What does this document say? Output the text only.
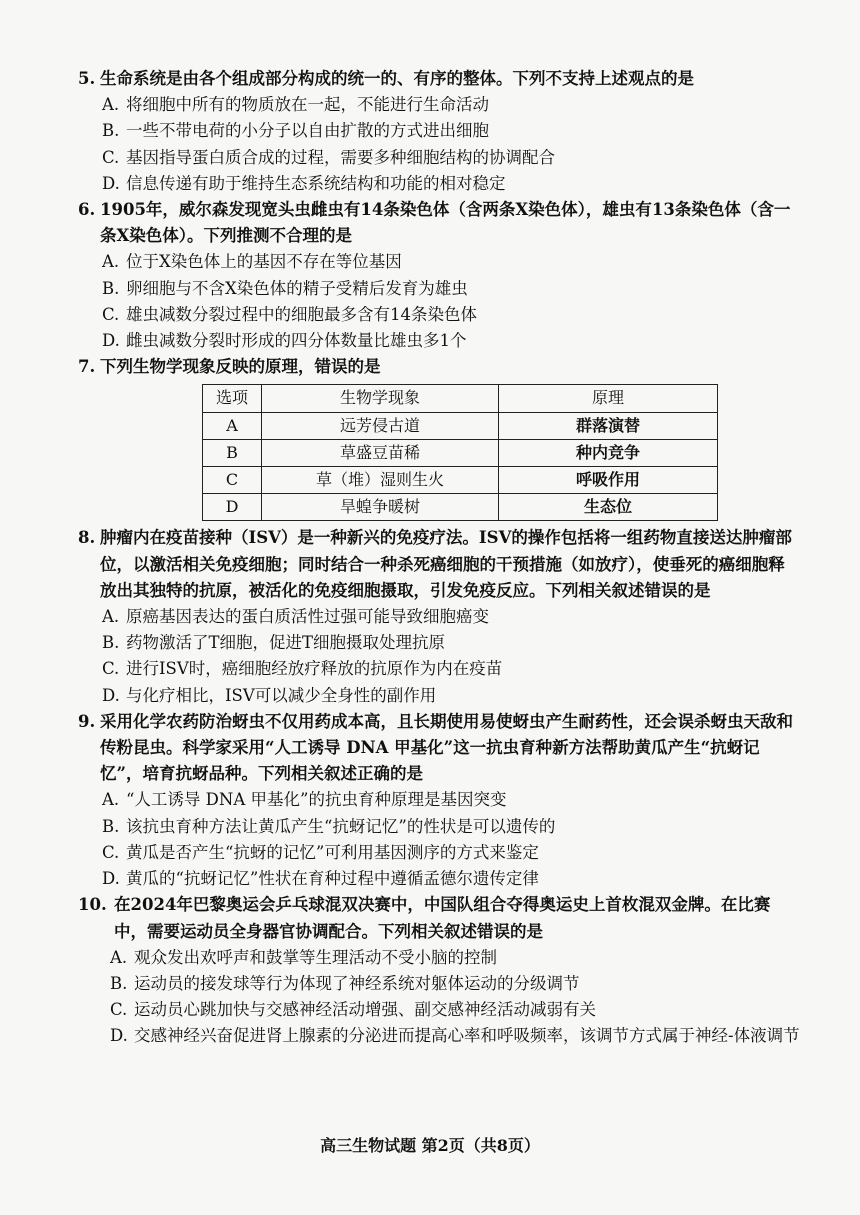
5. 生命系统是由各个组成部分构成的统一的、有序的整体。下列不支持上述观点的是
A. 将细胞中所有的物质放在一起，不能进行生命活动
B. 一些不带电荷的小分子以自由扩散的方式进出细胞
C. 基因指导蛋白质合成的过程，需要多种细胞结构的协调配合
D. 信息传递有助于维持生态系统结构和功能的相对稳定
6. 1905年，威尔森发现宽头虫雌虫有14条染色体（含两条X染色体），雄虫有13条染色体（含一条X染色体）。下列推测不合理的是
A. 位于X染色体上的基因不存在等位基因
B. 卵细胞与不含X染色体的精子受精后发育为雄虫
C. 雄虫减数分裂过程中的细胞最多含有14条染色体
D. 雌虫减数分裂时形成的四分体数量比雄虫多1个
7. 下列生物学现象反映的原理，错误的是
选项	生物学现象	原理
A	远芳侵古道	群落演替
B	草盛豆苗稀	种内竞争
C	草（堆）湿则生火	呼吸作用
D	旱蝗争暖树	生态位
8. 肿瘤内在疫苗接种（ISV）是一种新兴的免疫疗法。ISV的操作包括将一组药物直接送达肿瘤部位，以激活相关免疫细胞；同时结合一种杀死癌细胞的干预措施（如放疗），使垂死的癌细胞释放出其独特的抗原，被活化的免疫细胞摄取，引发免疫反应。下列相关叙述错误的是
A. 原癌基因表达的蛋白质活性过强可能导致细胞癌变
B. 药物激活了T细胞，促进T细胞摄取处理抗原
C. 进行ISV时，癌细胞经放疗释放的抗原作为内在疫苗
D. 与化疗相比，ISV可以减少全身性的副作用
9. 采用化学农药防治蚜虫不仅用药成本高，且长期使用易使蚜虫产生耐药性，还会误杀蚜虫天敌和传粉昆虫。科学家采用“人工诱导 DNA 甲基化”这一抗虫育种新方法帮助黄瓜产生“抗蚜记忆”，培育抗蚜品种。下列相关叙述正确的是
A. “人工诱导 DNA 甲基化”的抗虫育种原理是基因突变
B. 该抗虫育种方法让黄瓜产生“抗蚜记忆”的性状是可以遗传的
C. 黄瓜是否产生“抗蚜的记忆”可利用基因测序的方式来鉴定
D. 黄瓜的“抗蚜记忆”性状在育种过程中遵循孟德尔遗传定律
10. 在2024年巴黎奥运会乒乓球混双决赛中，中国队组合夺得奥运史上首枚混双金牌。在比赛中，需要运动员全身器官协调配合。下列相关叙述错误的是
A. 观众发出欢呼声和鼓掌等生理活动不受小脑的控制
B. 运动员的接发球等行为体现了神经系统对躯体运动的分级调节
C. 运动员心跳加快与交感神经活动增强、副交感神经活动减弱有关
D. 交感神经兴奋促进肾上腺素的分泌进而提高心率和呼吸频率，该调节方式属于神经-体液调节
高三生物试题 第2页（共8页）
